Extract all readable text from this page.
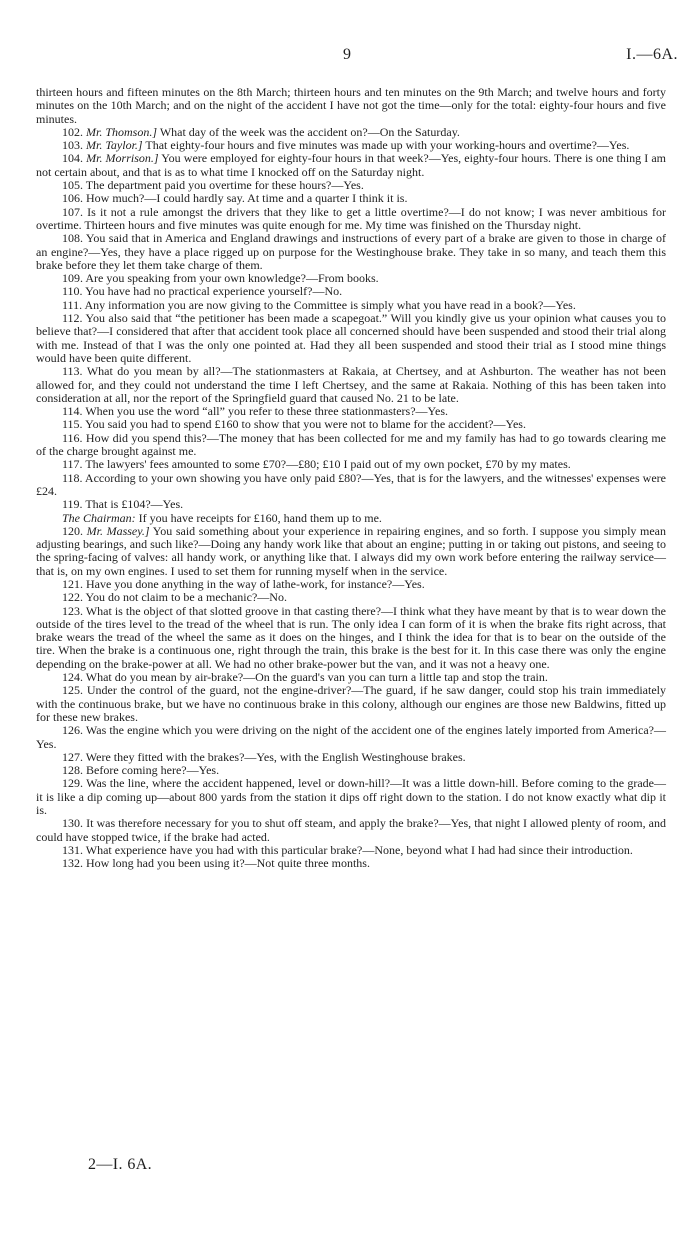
9	I.—6A.

thirteen hours and fifteen minutes on the 8th March; thirteen hours and ten minutes on the 9th March; and twelve hours and forty minutes on the 10th March; and on the night of the accident I have not got the time—only for the total: eighty-four hours and five minutes.

102. Mr. Thomson.] What day of the week was the accident on?—On the Saturday.

103. Mr. Taylor.] That eighty-four hours and five minutes was made up with your working-hours and overtime?—Yes.

104. Mr. Morrison.] You were employed for eighty-four hours in that week?—Yes, eighty-four hours. There is one thing I am not certain about, and that is as to what time I knocked off on the Saturday night.

105. The department paid you overtime for these hours?—Yes.

106. How much?—I could hardly say. At time and a quarter I think it is.

107. Is it not a rule amongst the drivers that they like to get a little overtime?—I do not know; I was never ambitious for overtime. Thirteen hours and five minutes was quite enough for me. My time was finished on the Thursday night.

108. You said that in America and England drawings and instructions of every part of a brake are given to those in charge of an engine?—Yes, they have a place rigged up on purpose for the Westinghouse brake. They take in so many, and teach them this brake before they let them take charge of them.

109. Are you speaking from your own knowledge?—From books.

110. You have had no practical experience yourself?—No.

111. Any information you are now giving to the Committee is simply what you have read in a book?—Yes.

112. You also said that “the petitioner has been made a scapegoat.” Will you kindly give us your opinion what causes you to believe that?—I considered that after that accident took place all concerned should have been suspended and stood their trial along with me. Instead of that I was the only one pointed at. Had they all been suspended and stood their trial as I stood mine things would have been quite different.

113. What do you mean by all?—The stationmasters at Rakaia, at Chertsey, and at Ashburton. The weather has not been allowed for, and they could not understand the time I left Chertsey, and the same at Rakaia. Nothing of this has been taken into consideration at all, nor the report of the Springfield guard that caused No. 21 to be late.

114. When you use the word “all” you refer to these three stationmasters?—Yes.

115. You said you had to spend £160 to show that you were not to blame for the accident?—Yes.

116. How did you spend this?—The money that has been collected for me and my family has had to go towards clearing me of the charge brought against me.

117. The lawyers' fees amounted to some £70?—£80; £10 I paid out of my own pocket, £70 by my mates.

118. According to your own showing you have only paid £80?—Yes, that is for the lawyers, and the witnesses' expenses were £24.

119. That is £104?—Yes.

The Chairman: If you have receipts for £160, hand them up to me.

120. Mr. Massey.] You said something about your experience in repairing engines, and so forth. I suppose you simply mean adjusting bearings, and such like?—Doing any handy work like that about an engine; putting in or taking out pistons, and seeing to the spring-facing of valves: all handy work, or anything like that. I always did my own work before entering the railway service—that is, on my own engines. I used to set them for running myself when in the service.

121. Have you done anything in the way of lathe-work, for instance?—Yes.

122. You do not claim to be a mechanic?—No.

123. What is the object of that slotted groove in that casting there?—I think what they have meant by that is to wear down the outside of the tires level to the tread of the wheel that is run. The only idea I can form of it is when the brake fits right across, that brake wears the tread of the wheel the same as it does on the hinges, and I think the idea for that is to bear on the outside of the tire. When the brake is a continuous one, right through the train, this brake is the best for it. In this case there was only the engine depending on the brake-power at all. We had no other brake-power but the van, and it was not a heavy one.

124. What do you mean by air-brake?—On the guard's van you can turn a little tap and stop the train.

125. Under the control of the guard, not the engine-driver?—The guard, if he saw danger, could stop his train immediately with the continuous brake, but we have no continuous brake in this colony, although our engines are those new Baldwins, fitted up for these new brakes.

126. Was the engine which you were driving on the night of the accident one of the engines lately imported from America?—Yes.

127. Were they fitted with the brakes?—Yes, with the English Westinghouse brakes.

128. Before coming here?—Yes.

129. Was the line, where the accident happened, level or down-hill?—It was a little down-hill. Before coming to the grade—it is like a dip coming up—about 800 yards from the station it dips off right down to the station. I do not know exactly what dip it is.

130. It was therefore necessary for you to shut off steam, and apply the brake?—Yes, that night I allowed plenty of room, and could have stopped twice, if the brake had acted.

131. What experience have you had with this particular brake?—None, beyond what I had had since their introduction.

132. How long had you been using it?—Not quite three months.

2—I. 6A.
